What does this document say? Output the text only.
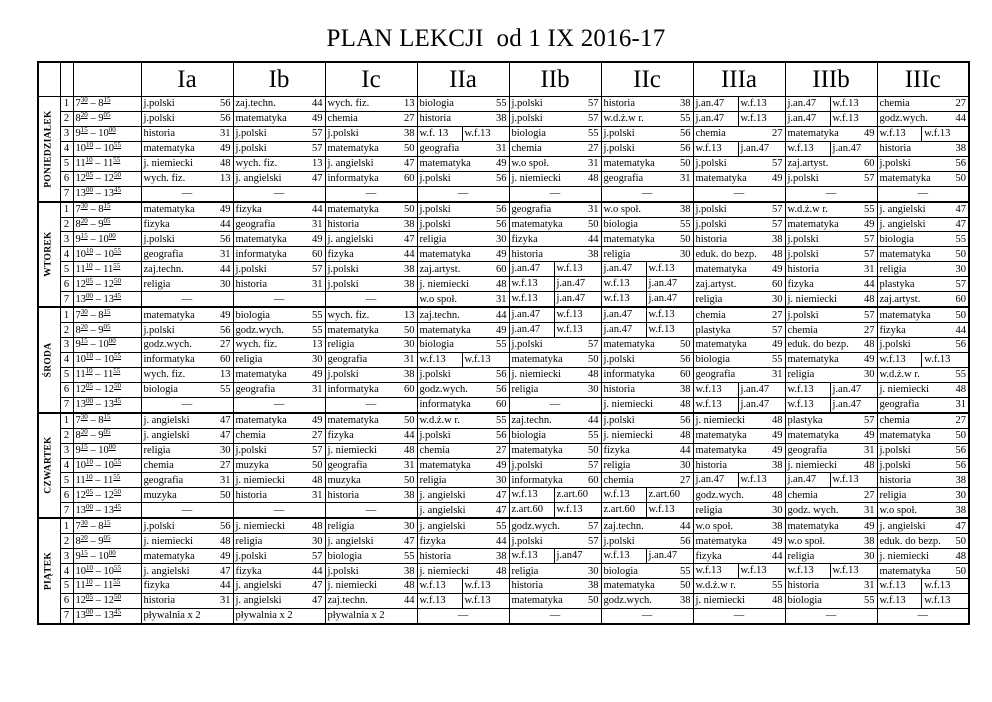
PLAN LEKCJI  od 1 IX 2016-17
			Ia	Ib	Ic	IIa	IIb	IIc	IIIa	IIIb	IIIc

PONIEDZIAŁEK	1	$7^{30} - 8^{15}$	j.polski 56	zaj.techn. 44	wych. fiz. 13	biologia 55	j.polski 57	historia 38	j.an.47 w.f.13	j.an.47 w.f.13	chemia 27

	2	$8^{20} - 9^{05}$	j.polski 56	matematyka 49	chemia 27	historia 38	j.polski 57	w.d.ż.w r. 55	j.an.47 w.f.13	j.an.47 w.f.13	godz.wych. 44

	3	$9^{15} - 10^{00}$	historia 31	j.polski 57	j.polski 38	w.f. 13 w.f.13	biologia 55	j.polski 56	chemia 27	matematyka 49	w.f.13 w.f.13

	4	$10^{10} - 10^{55}$	matematyka 49	j.polski 57	matematyka 50	geografia 31	chemia 27	j.polski 56	w.f.13 j.an.47	w.f.13 j.an.47	historia 38

	5	$11^{10} - 11^{55}$	j. niemiecki 48	wych. fiz. 13	j. angielski 47	matematyka 49	w.o społ. 31	matematyka 50	j.polski 57	zaj.artyst. 60	j.polski 56

	6	$12^{05} - 12^{50}$	wych. fiz. 13	j. angielski 47	informatyka 60	j.polski 56	j. niemiecki 48	geografia 31	matematyka 49	j.polski 57	matematyka 50

	7	$13^{00} - 13^{45}$	—	—	—	—	—	—	—	—	—

WTOREK	1	$7^{30} - 8^{15}$	matematyka 49	fizyka 44	matematyka 50	j.polski 56	geografia 31	w.o społ. 38	j.polski 57	w.d.ż.w r. 55	j. angielski 47

	2	$8^{20} - 9^{05}$	fizyka 44	geografia 31	historia 38	j.polski 56	matematyka 50	biologia 55	j.polski 57	matematyka 49	j. angielski 47

	3	$9^{15} - 10^{00}$	j.polski 56	matematyka 49	j. angielski 47	religia 30	fizyka 44	matematyka 50	historia 38	j.polski 57	biologia 55

	4	$10^{10} - 10^{55}$	geografia 31	informatyka 60	fizyka 44	matematyka 49	historia 38	religia 30	eduk. do bezp. 48	j.polski 57	matematyka 50

	5	$11^{10} - 11^{55}$	zaj.techn. 44	j.polski 57	j.polski 38	zaj.artyst. 60	j.an.47 w.f.13	j.an.47 w.f.13	matematyka 49	historia 31	religia 30

	6	$12^{05} - 12^{50}$	religia 30	historia 31	j.polski 38	j. niemiecki 48	w.f.13 j.an.47	w.f.13 j.an.47	zaj.artyst. 60	fizyka 44	plastyka 57

	7	$13^{00} - 13^{45}$	—	—	—	w.o społ. 31	w.f.13 j.an.47	w.f.13 j.an.47	religia 30	j. niemiecki 48	zaj.artyst. 60

ŚRODA	1	$7^{30} - 8^{15}$	matematyka 49	biologia 55	wych. fiz. 13	zaj.techn. 44	j.an.47 w.f.13	j.an.47 w.f.13	chemia 27	j.polski 57	matematyka 50

	2	$8^{20} - 9^{05}$	j.polski 56	godz.wych. 55	matematyka 50	matematyka 49	j.an.47 w.f.13	j.an.47 w.f.13	plastyka 57	chemia 27	fizyka 44

	3	$9^{15} - 10^{00}$	godz.wych. 27	wych. fiz. 13	religia 30	biologia 55	j.polski 57	matematyka 50	matematyka 49	eduk. do bezp. 48	j.polski 56

	4	$10^{10} - 10^{55}$	informatyka 60	religia 30	geografia 31	w.f.13 w.f.13	matematyka 50	j.polski 56	biologia 55	matematyka 49	w.f.13 w.f.13

	5	$11^{10} - 11^{55}$	wych. fiz. 13	matematyka 49	j.polski 38	j.polski 56	j. niemiecki 48	informatyka 60	geografia 31	religia 30	w.d.ż.w r. 55

	6	$12^{05} - 12^{50}$	biologia 55	geografia 31	informatyka 60	godz.wych. 56	religia 30	historia 38	w.f.13 j.an.47	w.f.13 j.an.47	j. niemiecki 48

	7	$13^{00} - 13^{45}$	—	—	—	informatyka 60	—	j. niemiecki 48	w.f.13 j.an.47	w.f.13 j.an.47	geografia 31

CZWARTEK	1	$7^{30} - 8^{15}$	j. angielski 47	matematyka 49	matematyka 50	w.d.ż.w r. 55	zaj.techn. 44	j.polski 56	j. niemiecki 48	plastyka 57	chemia 27

	2	$8^{20} - 9^{05}$	j. angielski 47	chemia 27	fizyka 44	j.polski 56	biologia 55	j. niemiecki 48	matematyka 49	matematyka 49	matematyka 50

	3	$9^{15} - 10^{00}$	religia 30	j.polski 57	j. niemiecki 48	chemia 27	matematyka 50	fizyka 44	matematyka 49	geografia 31	j.polski 56

	4	$10^{10} - 10^{55}$	chemia 27	muzyka 50	geografia 31	matematyka 49	j.polski 57	religia 30	historia 38	j. niemiecki 48	j.polski 56

	5	$11^{10} - 11^{55}$	geografia 31	j. niemiecki 48	muzyka 50	religia 30	informatyka 60	chemia 27	j.an.47 w.f.13	j.an.47 w.f.13	historia 38

	6	$12^{05} - 12^{50}$	muzyka 50	historia 31	historia 38	j. angielski 47	w.f.13 z.art.60	w.f.13 z.art.60	godz.wych. 48	chemia 27	religia 30

	7	$13^{00} - 13^{45}$	—	—	—	j. angielski 47	z.art.60 w.f.13	z.art.60 w.f.13	religia 30	godz. wych. 31	w.o społ. 38

PIĄTEK	1	$7^{30} - 8^{15}$	j.polski 56	j. niemiecki 48	religia 30	j. angielski 55	godz.wych. 57	zaj.techn. 44	w.o społ. 38	matematyka 49	j. angielski 47

	2	$8^{20} - 9^{05}$	j. niemiecki 48	religia 30	j. angielski 47	fizyka 44	j.polski 57	j.polski 56	matematyka 49	w.o społ. 38	eduk. do bezp. 50

	3	$9^{15} - 10^{00}$	matematyka 49	j.polski 57	biologia 55	historia 38	w.f.13 j.an47	w.f.13 j.an.47	fizyka 44	religia 30	j. niemiecki 48

	4	$10^{10} - 10^{55}$	j. angielski 47	fizyka 44	j.polski 38	j. niemiecki 48	religia 30	biologia 55	w.f.13 w.f.13	w.f.13 w.f.13	matematyka 50

	5	$11^{10} - 11^{55}$	fizyka 44	j. angielski 47	j. niemiecki 48	w.f.13 w.f.13	historia 38	matematyka 50	w.d.ż.w r. 55	historia 31	w.f.13 w.f.13

	6	$12^{05} - 12^{50}$	historia 31	j. angielski 47	zaj.techn. 44	w.f.13 w.f.13	matematyka 50	godz.wych. 38	j. niemiecki 48	biologia 55	w.f.13 w.f.13

	7	$13^{00} - 13^{45}$	pływalnia x 2	pływalnia x 2	pływalnia x 2	—	—	—	—	—	—
